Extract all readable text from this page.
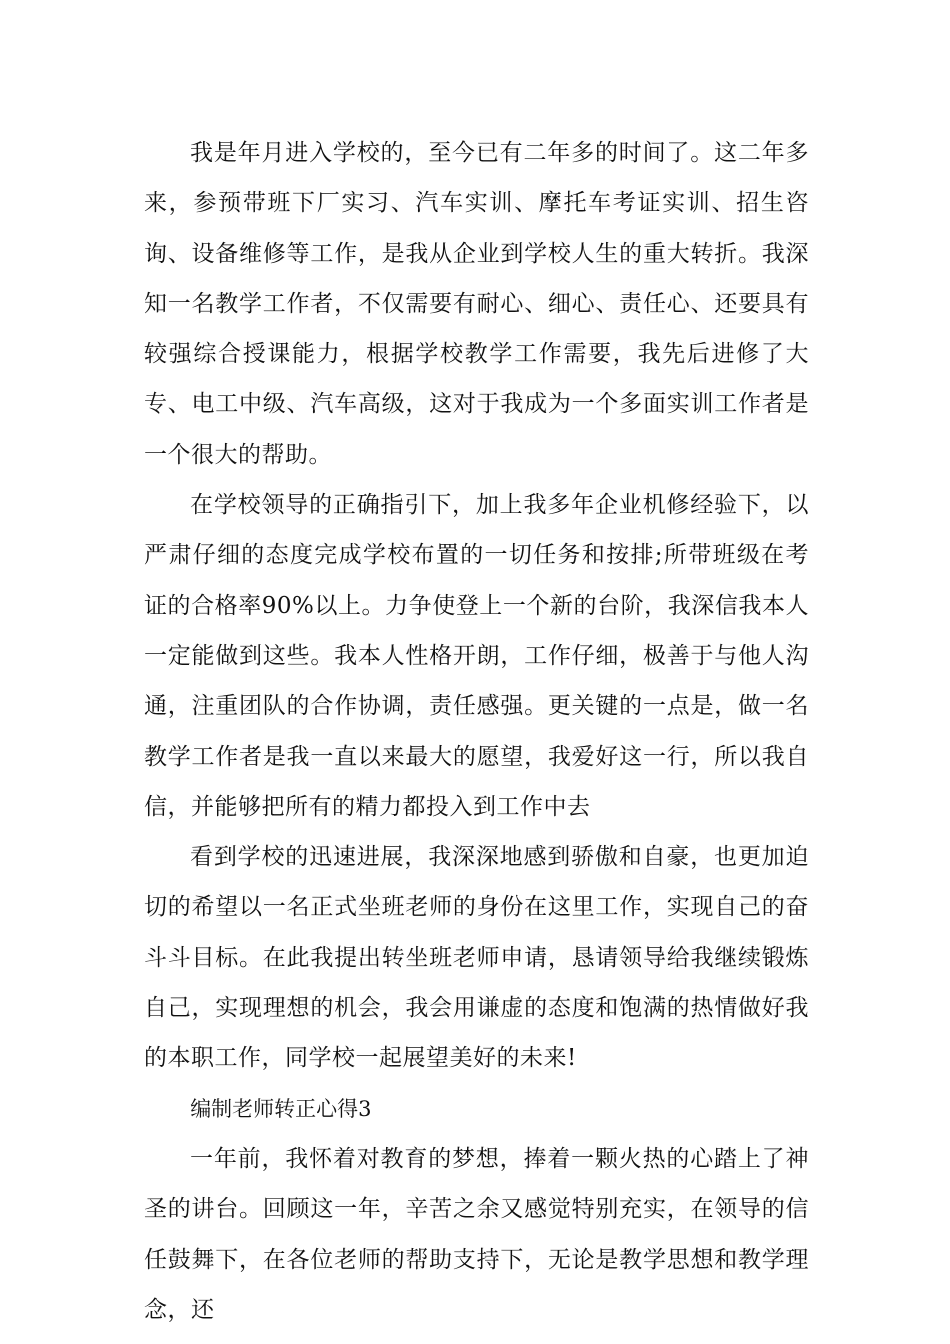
我是年月进入学校的，至今已有二年多的时间了。这二年多来，参预带班下厂实习、汽车实训、摩托车考证实训、招生咨询、设备维修等工作，是我从企业到学校人生的重大转折。我深知一名教学工作者，不仅需要有耐心、细心、责任心、还要具有较强综合授课能力，根据学校教学工作需要，我先后进修了大专、电工中级、汽车高级，这对于我成为一个多面实训工作者是一个很大的帮助。

在学校领导的正确指引下，加上我多年企业机修经验下，以严肃仔细的态度完成学校布置的一切任务和按排;所带班级在考证的合格率90%以上。力争使登上一个新的台阶，我深信我本人一定能做到这些。我本人性格开朗，工作仔细，极善于与他人沟通，注重团队的合作协调，责任感强。更关键的一点是，做一名教学工作者是我一直以来最大的愿望，我爱好这一行，所以我自信，并能够把所有的精力都投入到工作中去

看到学校的迅速进展，我深深地感到骄傲和自豪，也更加迫切的希望以一名正式坐班老师的身份在这里工作，实现自己的奋斗斗目标。在此我提出转坐班老师申请，恳请领导给我继续锻炼自己，实现理想的机会，我会用谦虚的态度和饱满的热情做好我的本职工作，同学校一起展望美好的未来!

编制老师转正心得3

一年前，我怀着对教育的梦想，捧着一颗火热的心踏上了神圣的讲台。回顾这一年，辛苦之余又感觉特别充实，在领导的信任鼓舞下，在各位老师的帮助支持下，无论是教学思想和教学理念，还
